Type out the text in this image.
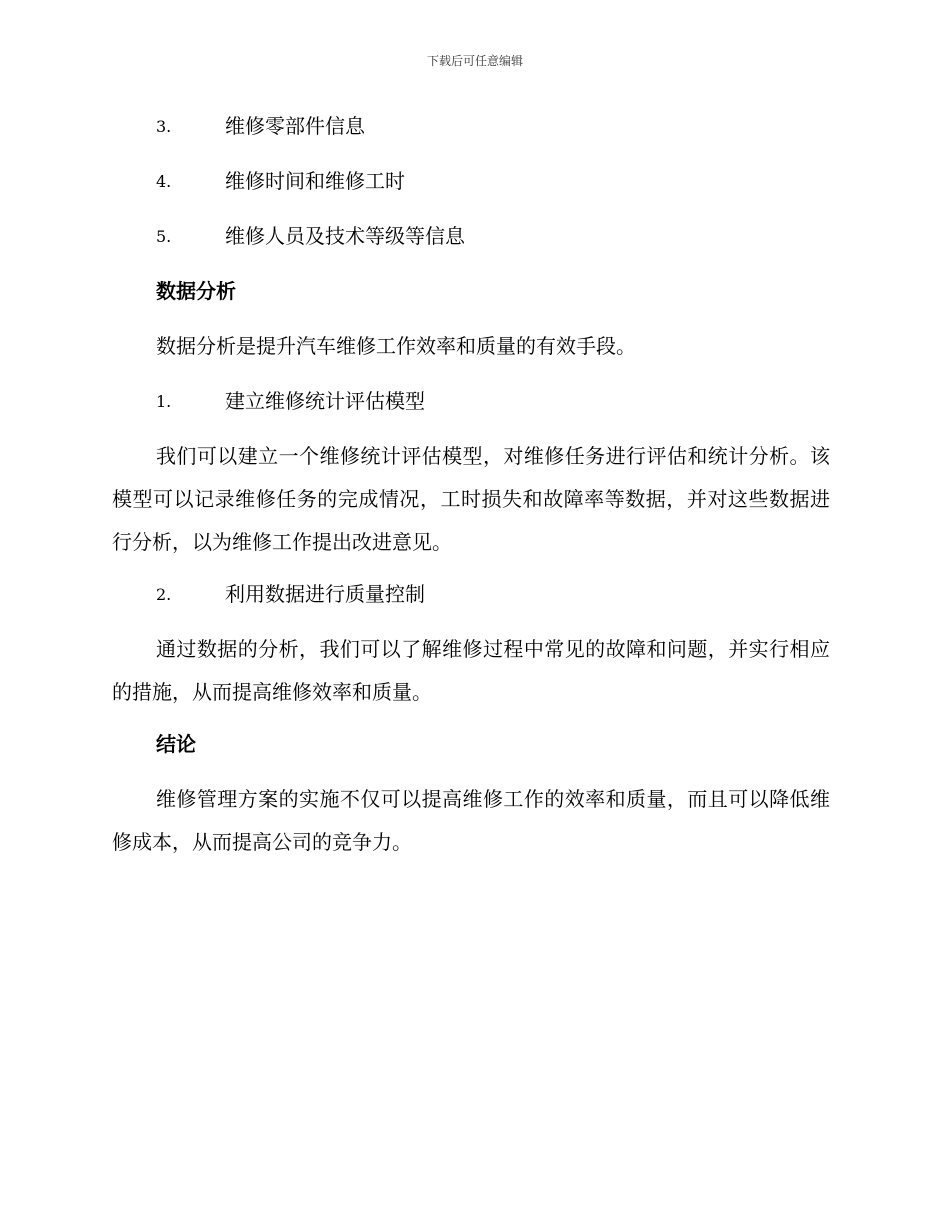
下载后可任意编辑
3.	维修零部件信息
4.	维修时间和维修工时
5.	维修人员及技术等级等信息
数据分析

数据分析是提升汽车维修工作效率和质量的有效手段。

1.	建立维修统计评估模型

我们可以建立一个维修统计评估模型，对维修任务进行评估和统计分析。该模型可以记录维修任务的完成情况，工时损失和故障率等数据，并对这些数据进行分析，以为维修工作提出改进意见。

2.	利用数据进行质量控制

通过数据的分析，我们可以了解维修过程中常见的故障和问题，并实行相应的措施，从而提高维修效率和质量。

结论

维修管理方案的实施不仅可以提高维修工作的效率和质量，而且可以降低维修成本，从而提高公司的竞争力。
